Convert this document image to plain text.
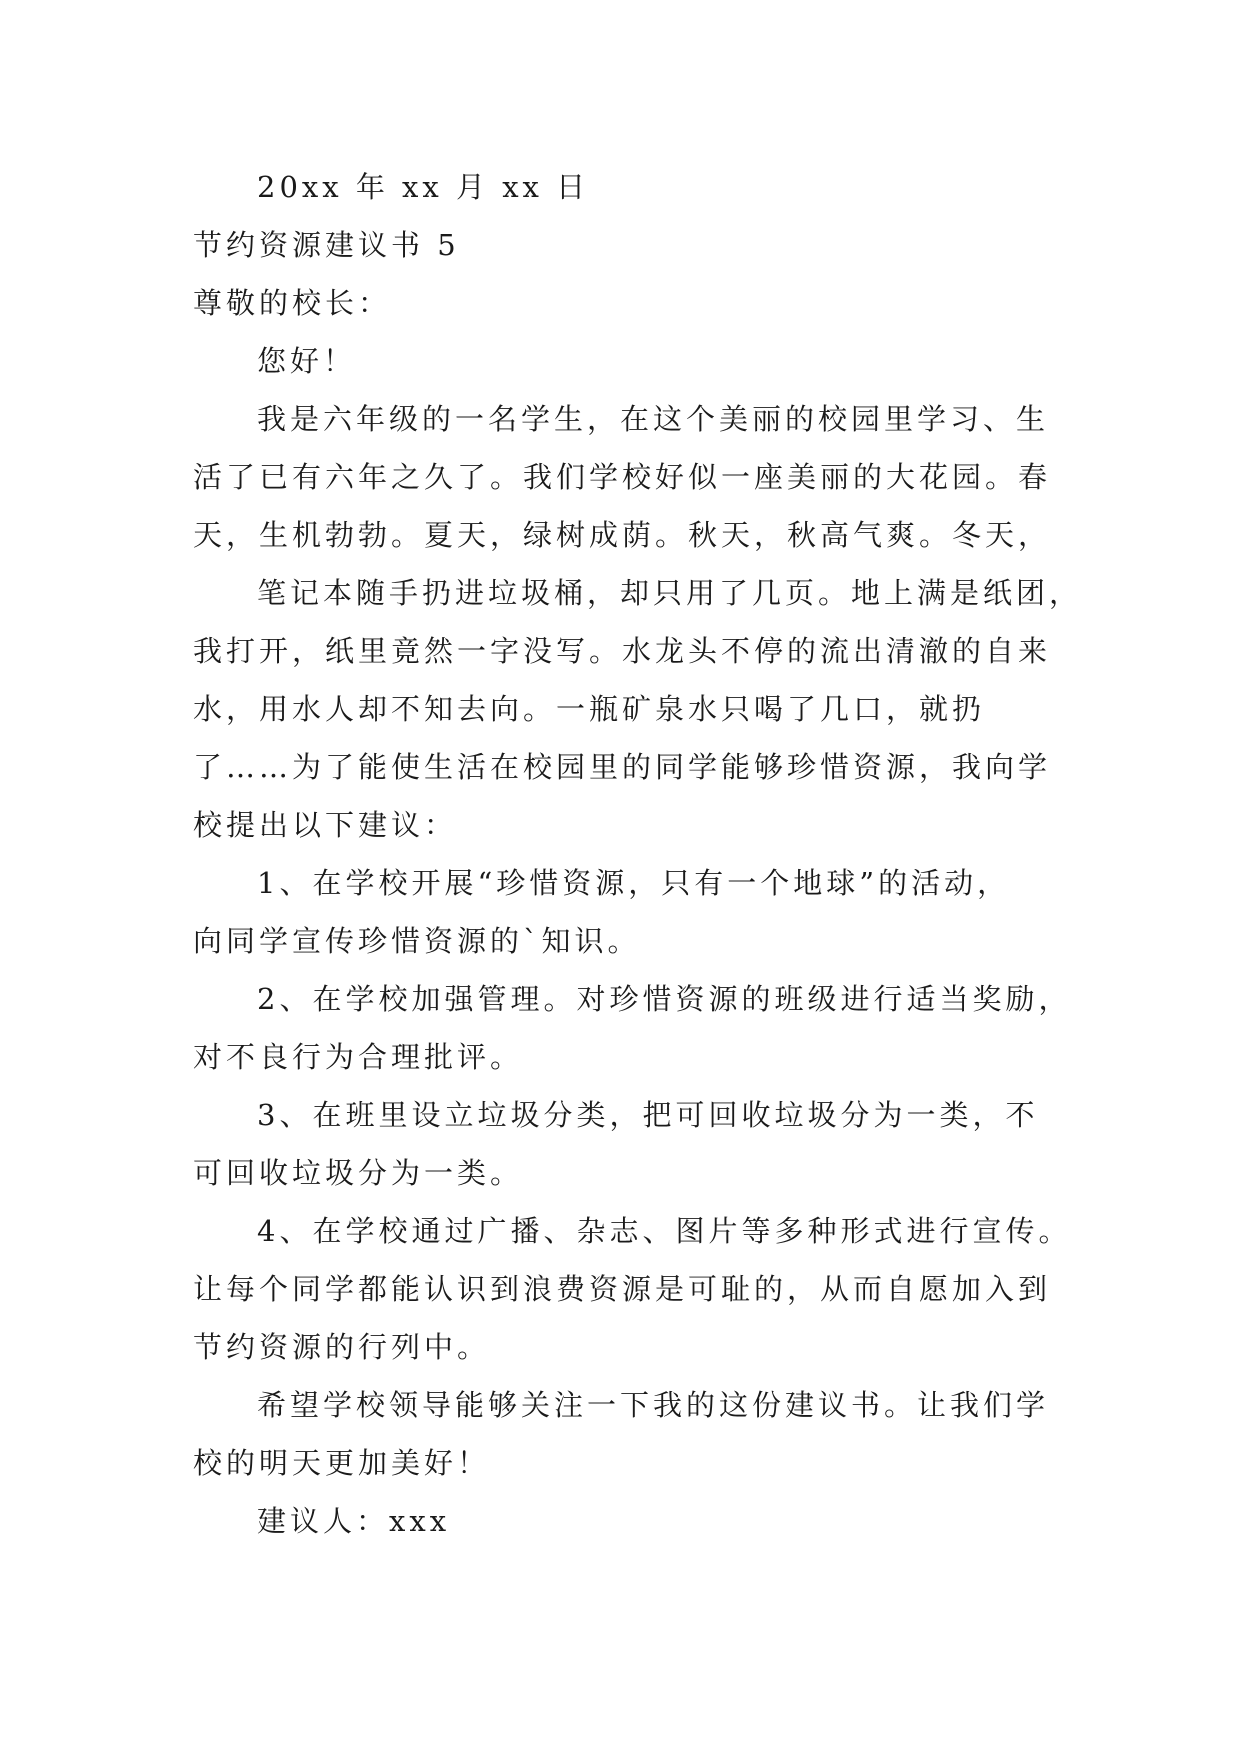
20xx 年 xx 月 xx 日

节约资源建议书 5

尊敬的校长：

您好！

我是六年级的一名学生，在这个美丽的校园里学习、生

活了已有六年之久了。我们学校好似一座美丽的大花园。春

天，生机勃勃。夏天，绿树成荫。秋天，秋高气爽。冬天，

笔记本随手扔进垃圾桶，却只用了几页。地上满是纸团，

我打开，纸里竟然一字没写。水龙头不停的流出清澈的自来

水，用水人却不知去向。一瓶矿泉水只喝了几口，就扔

了……为了能使生活在校园里的同学能够珍惜资源，我向学

校提出以下建议：

1、在学校开展“珍惜资源，只有一个地球”的活动，

向同学宣传珍惜资源的`知识。

2、在学校加强管理。对珍惜资源的班级进行适当奖励，

对不良行为合理批评。

3、在班里设立垃圾分类，把可回收垃圾分为一类，不

可回收垃圾分为一类。

4、在学校通过广播、杂志、图片等多种形式进行宣传。

让每个同学都能认识到浪费资源是可耻的，从而自愿加入到

节约资源的行列中。

希望学校领导能够关注一下我的这份建议书。让我们学

校的明天更加美好！

建议人：xxx
